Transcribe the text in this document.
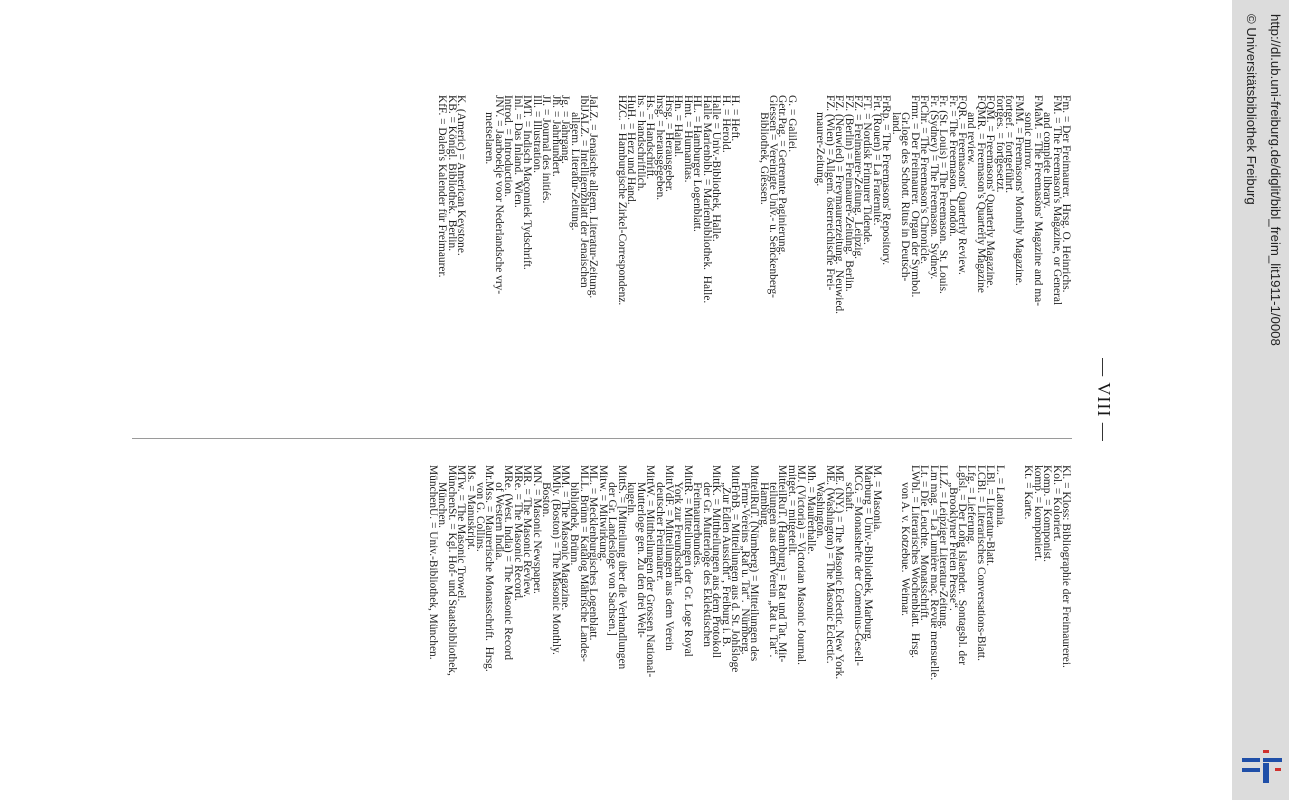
— VIII —
Fm. = Der Freimaurer.  Hrsg. O. Heinrichs.
FM. = The Freemason's Magazine, or General
and complete library.
FMaM. = The Freemasons' Magazine and ma-
sonic mirror.
FMM. = Freemasons' Monthly Magazine.
fortgef. = fortgeführt.
fortges. = fortgesetzt.
FQM. = Freemasons' Quarterly Magazine.
FQMR. = Freemason's Quarterly Magazine
and review.
FQR. = Freemasons' Quarterly Review.
Fr. = The Freemason.  London.
Fr. (St. Louis) = The Freemason.  St. Louis.
Fr. (Sydney) = The Freemason.  Sydney.
FrChr. = The Freemason's Chronicle.
Frmr. = Der Freimaurer.  Organ der Symbol.
Gr.loge des Schott. Ritus in Deutsch-
land.
FrRp. = The Freemasons' Repository.
Frt. (Rouen) = La Fraternité.
FT. = Nordisk Frimurer Tidende.
FZ. = Freimaurer-Zeitung.  Leipzig.
FZ. (Berlin) = Freimaurer-Zeitung.  Berlin.
FZ. (Neuwied) = Freymaurerzeitung.  Neuwied.
FZ. (Wien) = Allgem. österreichische Frei-
maurer-Zeitung.
G. = Galilei.
Getr.Pag. = Getrennte Paginierung.
Giessen = Vereinigte Univ.- u. Senckenberg-
Bibliothek, Giessen.
H. = Heft.
H. = Herold.
Halle = Univ.-Bibliothek, Halle.
Halle Marienbibl. = Marienbibliothek.  Halle.
HL. = Hamburger Logenblatt.
Hmt. = Humanitas.
Hn. = Hajnal.
Hrsg. = Herausgeber.
hrsg. = herausgegeben.
Hs. = Handschrift.
hs. = handschriftlich.
HuH. = Herz und Hand.
HZC. = Hamburgische Zirkel-Correspondenz.
JaLZ. = Jenaische allgem. Literatur-Zeitung.
IblJALZ. = Intelligenzblatt der Jenaischen
allgem. Literatur-Zeitung.
Jg. = Jahrgang.
Jh. = Jahrhundert.
JI. = Journal des initiés.
Ill. = Illustration.
IMT. = Indisch Maçonniek Tydschrift.
Inl. = Das Inland.  Wien.
Introd. = Introduction.
JNV. = Jaarboekje voor Nederlandsche vry-
metselaren.
K. (Americ) = American Keystone.
KB. = Königl. Bibliothek.  Berlin.
KfF. = Dalen's Kalender für Freimaurer.
Kl. = Kloss: Bibliographie der Freimaurerei.
Kol. = Koloriert.
Komp. = Komponist.
komp. = komponiert.
Kt. = Karte.
L. = Latomia.
LBl. = Literatur-Blatt.
LCBl. = Literarisches Conversations-Blatt.
Lfg. = Lieferung.
Lgisl. = Der Long Islaender.  Sontagsbl. der
„Brooklyner Freien Presse“.
LLZ. = Leipziger Literatur-Zeitung.
Lm mag. = La Lumière maç. Revue mensuelle.
Lt. = Die Leuchte.  Monatsschrift.
LWbl. = Literarisches Wochenblatt.  Hrsg.
von A. v. Kotzebue.  Weimar.
M. = Masonia.
Marburg = Univ.-Bibliothek, Marburg.
MCG. = Monatshefte der Comenius-Gesell-
schaft.
ME. (NY.) = The Masonic Eclectic. New York.
ME. (Washington) = The Masonic Eclectic.
Washington.
Mh. = Maurerhalle.
MJ. (Victoria) = Victorian Masonic Journal.
mitget. = mitgeteilt.
MitteilRuT. (Hamburg) = Rat und Tat. Mit-
teilungen aus dem Verein „Rat u. Tat“.
Hamburg.
MitteilRuT. (Nürnberg) = Mitteilungen des
Frmr-Vereins „Rat u. Tat“.  Nürnberg.
MittFrbB. = Mitteilungen aus d. St. Johlsloge
„Zur Edlen Aussicht“, Freiburg i. B.
MittK. = Mittheilungen aus dem Protokoll
der Gr. Mutterloge des Eklektischen
Freimaurerbundes.
MittR. = Mitteilungen der Gr. Loge Royal
York zur Freundschaft.
MittVdF. = Mitteilungen aus dem Verein
deutscher Freimaurer.
MittW. = Mittheilungen der Grossen National-
Mutterloge gen. Zu den drei Welt-
kugeln.
MittS. = [Mitteilung über die Verhandlungen
der Gr. Landesloge von Sachsen.]
Mitw. = Mitwirkung.
ML. = Mecklenburgisches Logenblatt.
MLL. Brünn = Katalog Mährische Landes-
bibliothek, Brünn.
MM. = The Masonic Magazine.
MMly. (Boston) = The Masonic Monthly.
Boston.
MN. = Masonic Newspaper.
MR. = The Masonic Review.
MRe. = The Masonic Record.
MRe. (West. India) = The Masonic Record
of Western India.
Mr.Mss. = Maurerische Monatsschrift.  Hrsg.
von G. Collins.
Ms. = Manuskript.
MTw. = The Masonic Trowel.
MünchenSt. = Kgl. Hof- und Staatsbibliothek,
München.
MünchenU. = Univ.-Bibliothek, München.
http://dl.ub.uni-freiburg.de/diglit/bibl_freim_lit1911-1/0008
© Universitätsbibliothek Freiburg
